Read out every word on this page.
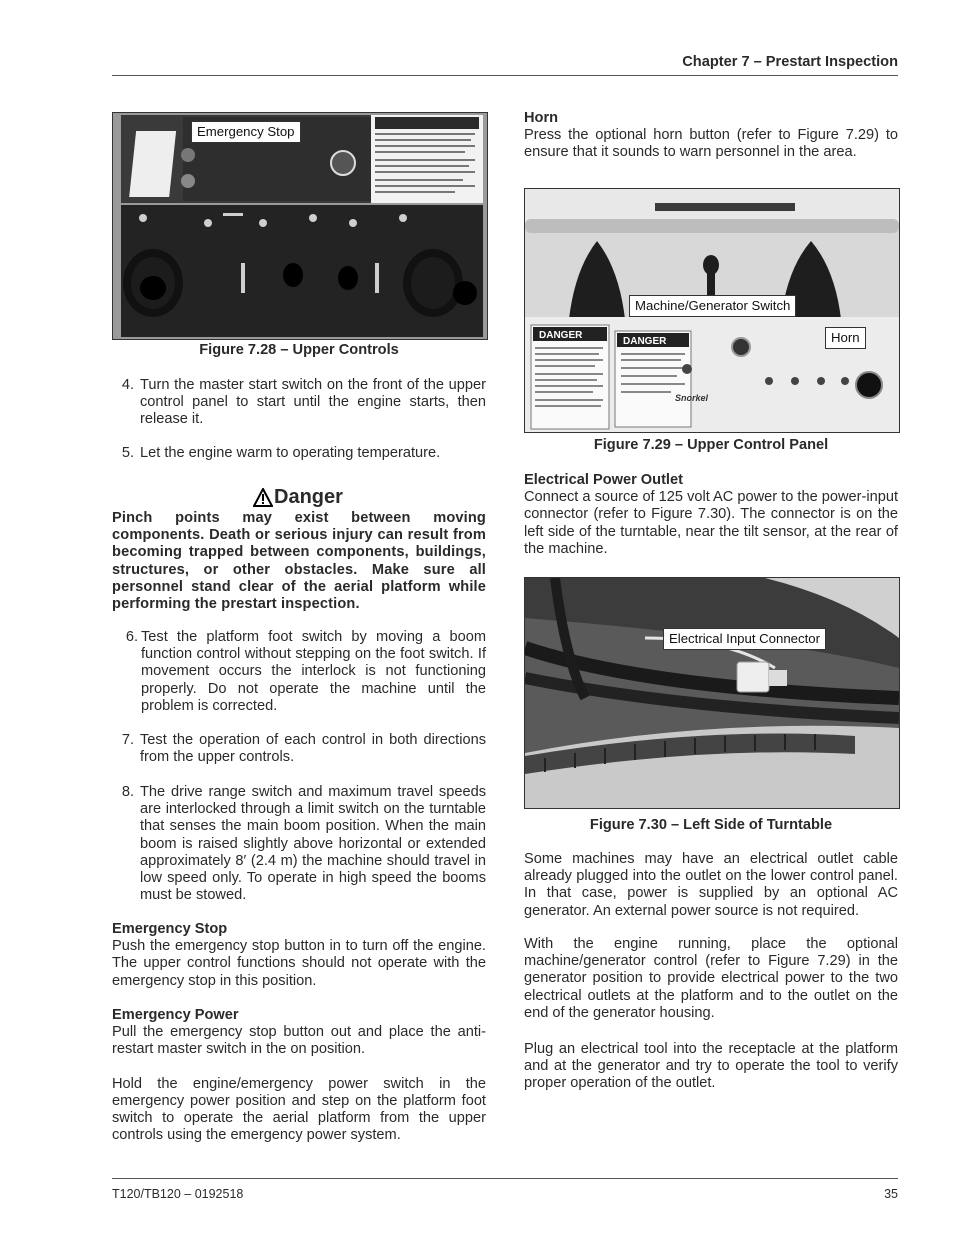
Chapter 7 – Prestart Inspection
Emergency Stop
Figure 7.28 – Upper Controls
4. Turn the master start switch on the front of the upper control panel to start until the engine starts, then release it.
5. Let the engine warm to operating temperature.
Danger
Pinch points may exist between moving components. Death or serious injury can result from becoming trapped between components, buildings, structures, or other obstacles. Make sure all personnel stand clear of the aerial platform while performing the prestart inspection.
6. Test the platform foot switch by moving a boom function control without stepping on the foot switch. If movement occurs the interlock is not functioning properly. Do not operate the machine until the problem is corrected.
7. Test the operation of each control in both directions from the upper controls.
8. The drive range switch and maximum travel speeds are interlocked through a limit switch on the turntable that senses the main boom position. When the main boom is raised slightly above horizontal or extended approximately 8′ (2.4 m) the machine should travel in low speed only. To operate in high speed the booms must be stowed.
Emergency Stop

Push the emergency stop button in to turn off the engine. The upper control functions should not operate with the emergency stop in this position.

Emergency Power

Pull the emergency stop button out and place the anti-restart master switch in the on position.

Hold the engine/emergency power switch in the emergency power position and step on the platform foot switch to operate the aerial platform from the upper controls using the emergency power system.

Horn

Press the optional horn button (refer to Figure 7.29) to ensure that it sounds to warn personnel in the area.

DANGER
DANGER
Snorkel
Machine/Generator Switch
Horn
Figure 7.29 – Upper Control Panel
Electrical Power Outlet

Connect a source of 125 volt AC power to the power-input connector (refer to Figure 7.30). The connector is on the left side of the turntable, near the tilt sensor, at the rear of the machine.

Electrical Input Connector
Figure 7.30 – Left Side of Turntable

Some machines may have an electrical outlet cable already plugged into the outlet on the lower control panel. In that case, power is supplied by an optional AC generator. An external power source is not required.

With the engine running, place the optional machine/generator control (refer to Figure 7.29) in the generator position to provide electrical power to the two electrical outlets at the platform and to the outlet on the end of the generator housing.

Plug an electrical tool into the receptacle at the platform and at the generator and try to operate the tool to verify proper operation of the outlet.

T120/TB120 – 0192518	35
